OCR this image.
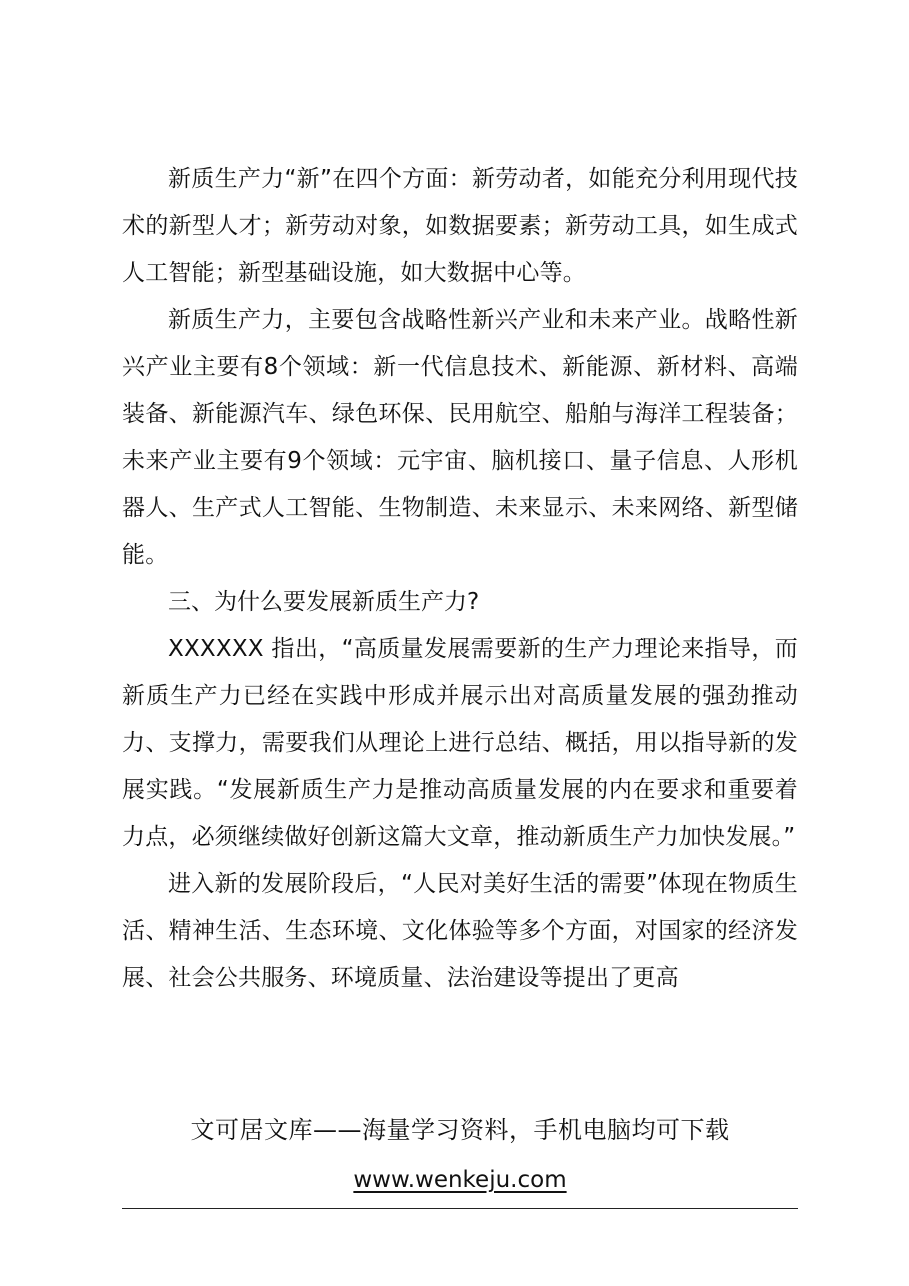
新质生产力“新”在四个方面：新劳动者，如能充分利用现代技术的新型人才；新劳动对象，如数据要素；新劳动工具，如生成式人工智能；新型基础设施，如大数据中心等。

新质生产力，主要包含战略性新兴产业和未来产业。战略性新兴产业主要有8个领域：新一代信息技术、新能源、新材料、高端装备、新能源汽车、绿色环保、民用航空、船舶与海洋工程装备；未来产业主要有9个领域：元宇宙、脑机接口、量子信息、人形机器人、生产式人工智能、生物制造、未来显示、未来网络、新型储能。

三、为什么要发展新质生产力?

XXXXXX 指出，“高质量发展需要新的生产力理论来指导，而新质生产力已经在实践中形成并展示出对高质量发展的强劲推动力、支撑力，需要我们从理论上进行总结、概括，用以指导新的发展实践。“发展新质生产力是推动高质量发展的内在要求和重要着力点，必须继续做好创新这篇大文章，推动新质生产力加快发展。”

进入新的发展阶段后，“人民对美好生活的需要”体现在物质生活、精神生活、生态环境、文化体验等多个方面，对国家的经济发展、社会公共服务、环境质量、法治建设等提出了更高

文可居文库——海量学习资料，手机电脑均可下载

www.wenkeju.com
